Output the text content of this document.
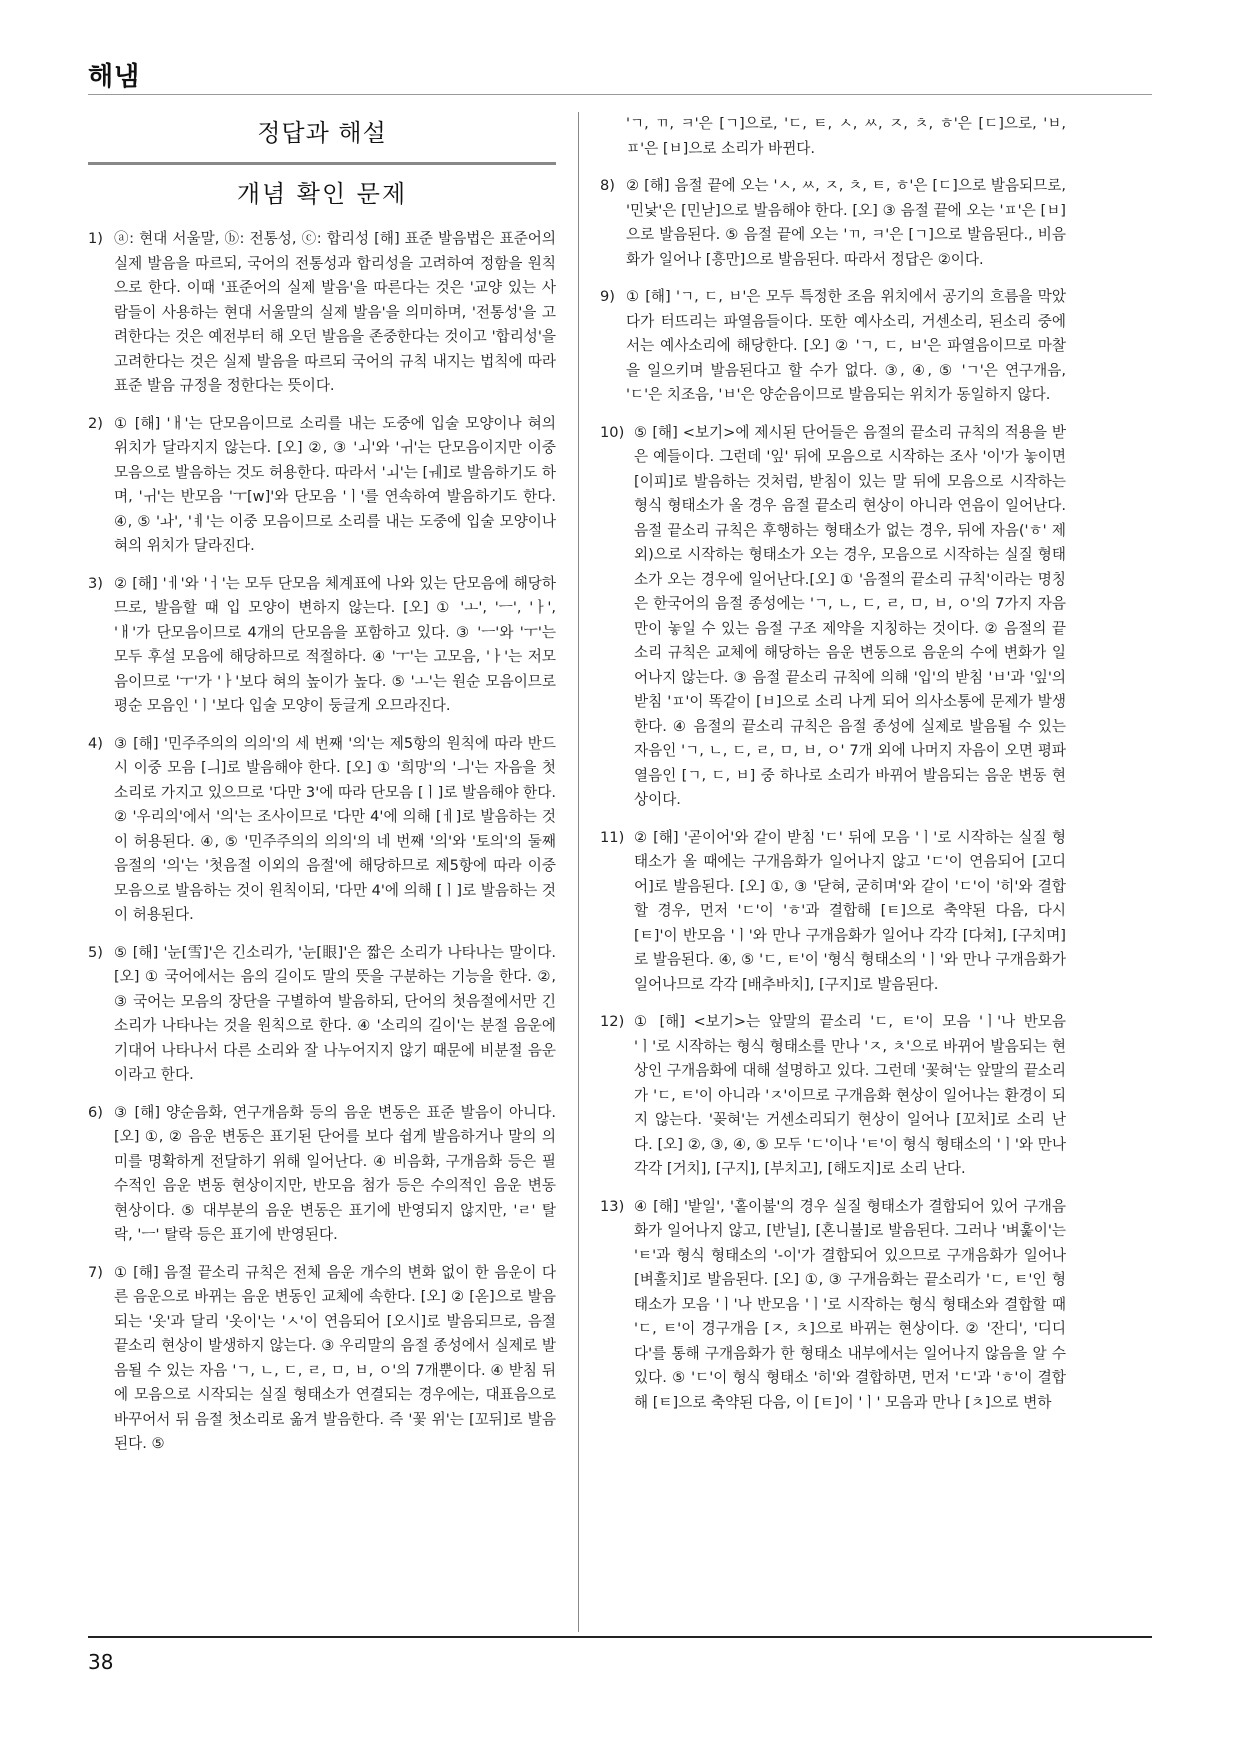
해냄
정답과 해설
개념 확인 문제
1) ⓐ: 현대 서울말, ⓑ: 전통성, ⓒ: 합리성 [해] 표준 발음법은 표준어의 실제 발음을 따르되, 국어의 전통성과 합리성을 고려하여 정함을 원칙으로 한다. 이때 '표준어의 실제 발음'을 따른다는 것은 '교양 있는 사람들이 사용하는 현대 서울말의 실제 발음'을 의미하며, '전통성'을 고려한다는 것은 예전부터 해 오던 발음을 존중한다는 것이고 '합리성'을 고려한다는 것은 실제 발음을 따르되 국어의 규칙 내지는 법칙에 따라 표준 발음 규정을 정한다는 뜻이다.
2) ① [해] 'ㅐ'는 단모음이므로 소리를 내는 도중에 입술 모양이나 혀의 위치가 달라지지 않는다. [오] ②, ③ 'ㅚ'와 'ㅟ'는 단모음이지만 이중 모음으로 발음하는 것도 허용한다. 따라서 'ㅚ'는 [ㅞ]로 발음하기도 하며, 'ㅟ'는 반모음 'ㅜ[w]'와 단모음 'ㅣ'를 연속하여 발음하기도 한다. ④, ⑤ 'ㅘ', 'ㅖ'는 이중 모음이므로 소리를 내는 도중에 입술 모양이나 혀의 위치가 달라진다.
3) ② [해] 'ㅔ'와 'ㅓ'는 모두 단모음 체계표에 나와 있는 단모음에 해당하므로, 발음할 때 입 모양이 변하지 않는다. [오] ① 'ㅗ', 'ㅡ', 'ㅏ', 'ㅐ'가 단모음이므로 4개의 단모음을 포함하고 있다. ③ 'ㅡ'와 'ㅜ'는 모두 후설 모음에 해당하므로 적절하다. ④ 'ㅜ'는 고모음, 'ㅏ'는 저모음이므로 'ㅜ'가 'ㅏ'보다 혀의 높이가 높다. ⑤ 'ㅗ'는 원순 모음이므로 평순 모음인 'ㅣ'보다 입술 모양이 둥글게 오므라진다.
4) ③ [해] '민주주의의 의의'의 세 번째 '의'는 제5항의 원칙에 따라 반드시 이중 모음 [ㅢ]로 발음해야 한다. [오] ① '희망'의 'ㅢ'는 자음을 첫소리로 가지고 있으므로 '다만 3'에 따라 단모음 [ㅣ]로 발음해야 한다. ② '우리의'에서 '의'는 조사이므로 '다만 4'에 의해 [ㅔ]로 발음하는 것이 허용된다. ④, ⑤ '민주주의의 의의'의 네 번째 '의'와 '토의'의 둘째 음절의 '의'는 '첫음절 이외의 음절'에 해당하므로 제5항에 따라 이중 모음으로 발음하는 것이 원칙이되, '다만 4'에 의해 [ㅣ]로 발음하는 것이 허용된다.
5) ⑤ [해] '눈[雪]'은 긴소리가, '눈[眼]'은 짧은 소리가 나타나는 말이다. [오] ① 국어에서는 음의 길이도 말의 뜻을 구분하는 기능을 한다. ②, ③ 국어는 모음의 장단을 구별하여 발음하되, 단어의 첫음절에서만 긴소리가 나타나는 것을 원칙으로 한다. ④ '소리의 길이'는 분절 음운에 기대어 나타나서 다른 소리와 잘 나누어지지 않기 때문에 비분절 음운이라고 한다.
6) ③ [해] 양순음화, 연구개음화 등의 음운 변동은 표준 발음이 아니다. [오] ①, ② 음운 변동은 표기된 단어를 보다 쉽게 발음하거나 말의 의미를 명확하게 전달하기 위해 일어난다. ④ 비음화, 구개음화 등은 필수적인 음운 변동 현상이지만, 반모음 첨가 등은 수의적인 음운 변동 현상이다. ⑤ 대부분의 음운 변동은 표기에 반영되지 않지만, 'ㄹ' 탈락, 'ㅡ' 탈락 등은 표기에 반영된다.
7) ① [해] 음절 끝소리 규칙은 전체 음운 개수의 변화 없이 한 음운이 다른 음운으로 바뀌는 음운 변동인 교체에 속한다. [오] ② [옫]으로 발음되는 '옷'과 달리 '옷이'는 'ㅅ'이 연음되어 [오시]로 발음되므로, 음절 끝소리 현상이 발생하지 않는다. ③ 우리말의 음절 종성에서 실제로 발음될 수 있는 자음 'ㄱ, ㄴ, ㄷ, ㄹ, ㅁ, ㅂ, ㅇ'의 7개뿐이다. ④ 받침 뒤에 모음으로 시작되는 실질 형태소가 연결되는 경우에는, 대표음으로 바꾸어서 뒤 음절 첫소리로 옮겨 발음한다. 즉 '꽃 위'는 [꼬뒤]로 발음된다. ⑤
'ㄱ, ㄲ, ㅋ'은 [ㄱ]으로, 'ㄷ, ㅌ, ㅅ, ㅆ, ㅈ, ㅊ, ㅎ'은 [ㄷ]으로, 'ㅂ, ㅍ'은 [ㅂ]으로 소리가 바뀐다.
8) ② [해] 음절 끝에 오는 'ㅅ, ㅆ, ㅈ, ㅊ, ㅌ, ㅎ'은 [ㄷ]으로 발음되므로, '민낯'은 [민낟]으로 발음해야 한다. [오] ③ 음절 끝에 오는 'ㅍ'은 [ㅂ]으로 발음된다. ⑤ 음절 끝에 오는 'ㄲ, ㅋ'은 [ㄱ]으로 발음된다., 비음화가 일어나 [흥만]으로 발음된다. 따라서 정답은 ②이다.
9) ① [해] 'ㄱ, ㄷ, ㅂ'은 모두 특정한 조음 위치에서 공기의 흐름을 막았다가 터뜨리는 파열음들이다. 또한 예사소리, 거센소리, 된소리 중에서는 예사소리에 해당한다. [오] ② 'ㄱ, ㄷ, ㅂ'은 파열음이므로 마찰을 일으키며 발음된다고 할 수가 없다. ③, ④, ⑤ 'ㄱ'은 연구개음, 'ㄷ'은 치조음, 'ㅂ'은 양순음이므로 발음되는 위치가 동일하지 않다.
10) ⑤ [해] <보기>에 제시된 단어들은 음절의 끝소리 규칙의 적용을 받은 예들이다. 그런데 '잎' 뒤에 모음으로 시작하는 조사 '이'가 놓이면 [이피]로 발음하는 것처럼, 받침이 있는 말 뒤에 모음으로 시작하는 형식 형태소가 올 경우 음절 끝소리 현상이 아니라 연음이 일어난다. 음절 끝소리 규칙은 후행하는 형태소가 없는 경우, 뒤에 자음('ㅎ' 제외)으로 시작하는 형태소가 오는 경우, 모음으로 시작하는 실질 형태소가 오는 경우에 일어난다.[오] ① '음절의 끝소리 규칙'이라는 명칭은 한국어의 음절 종성에는 'ㄱ, ㄴ, ㄷ, ㄹ, ㅁ, ㅂ, ㅇ'의 7가지 자음만이 놓일 수 있는 음절 구조 제약을 지칭하는 것이다. ② 음절의 끝소리 규칙은 교체에 해당하는 음운 변동으로 음운의 수에 변화가 일어나지 않는다. ③ 음절 끝소리 규칙에 의해 '입'의 받침 'ㅂ'과 '잎'의 받침 'ㅍ'이 똑같이 [ㅂ]으로 소리 나게 되어 의사소통에 문제가 발생한다. ④ 음절의 끝소리 규칙은 음절 종성에 실제로 발음될 수 있는 자음인 'ㄱ, ㄴ, ㄷ, ㄹ, ㅁ, ㅂ, ㅇ' 7개 외에 나머지 자음이 오면 평파열음인 [ㄱ, ㄷ, ㅂ] 중 하나로 소리가 바뀌어 발음되는 음운 변동 현상이다.
11) ② [해] '곧이어'와 같이 받침 'ㄷ' 뒤에 모음 'ㅣ'로 시작하는 실질 형태소가 올 때에는 구개음화가 일어나지 않고 'ㄷ'이 연음되어 [고디어]로 발음된다. [오] ①, ③ '닫혀, 굳히며'와 같이 'ㄷ'이 '히'와 결합할 경우, 먼저 'ㄷ'이 'ㅎ'과 결합해 [ㅌ]으로 축약된 다음, 다시 [ㅌ]'이 반모음 'ㅣ'와 만나 구개음화가 일어나 각각 [다쳐], [구치며]로 발음된다. ④, ⑤ 'ㄷ, ㅌ'이 '형식 형태소의 'ㅣ'와 만나 구개음화가 일어나므로 각각 [배추바치], [구지]로 발음된다.
12) ① [해] <보기>는 앞말의 끝소리 'ㄷ, ㅌ'이 모음 'ㅣ'나 반모음 'ㅣ'로 시작하는 형식 형태소를 만나 'ㅈ, ㅊ'으로 바뀌어 발음되는 현상인 구개음화에 대해 설명하고 있다. 그런데 '꽃혀'는 앞말의 끝소리가 'ㄷ, ㅌ'이 아니라 'ㅈ'이므로 구개음화 현상이 일어나는 환경이 되지 않는다. '꽂혀'는 거센소리되기 현상이 일어나 [꼬처]로 소리 난다. [오] ②, ③, ④, ⑤ 모두 'ㄷ'이나 'ㅌ'이 형식 형태소의 'ㅣ'와 만나 각각 [거치], [구지], [부치고], [해도지]로 소리 난다.
13) ④ [해] '밭일', '홑이불'의 경우 실질 형태소가 결합되어 있어 구개음화가 일어나지 않고, [반닐], [혼니불]로 발음된다. 그러나 '벼훑이'는 'ㅌ'과 형식 형태소의 '-이'가 결합되어 있으므로 구개음화가 일어나 [벼훌치]로 발음된다. [오] ①, ③ 구개음화는 끝소리가 'ㄷ, ㅌ'인 형태소가 모음 'ㅣ'나 반모음 'ㅣ'로 시작하는 형식 형태소와 결합할 때 'ㄷ, ㅌ'이 경구개음 [ㅈ, ㅊ]으로 바뀌는 현상이다. ② '잔디', '디디다'를 통해 구개음화가 한 형태소 내부에서는 일어나지 않음을 알 수 있다. ⑤ 'ㄷ'이 형식 형태소 '히'와 결합하면, 먼저 'ㄷ'과 'ㅎ'이 결합해 [ㅌ]으로 축약된 다음, 이 [ㅌ]이 'ㅣ' 모음과 만나 [ㅊ]으로 변하
38
